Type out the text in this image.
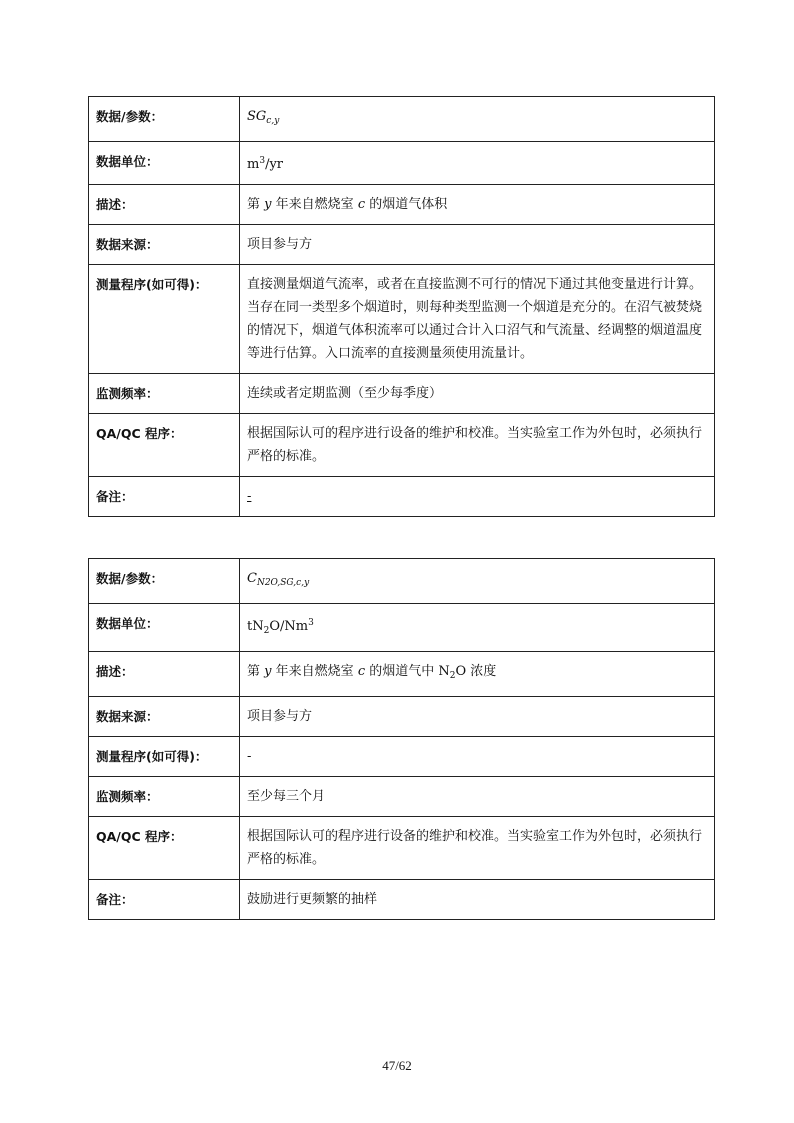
数据/参数：	$SG_{c,y}$
数据单位：	$m^3/yr$
描述：	第 y 年来自燃烧室 c 的烟道气体积
数据来源：	项目参与方
测量程序(如可得)：	直接测量烟道气流率，或者在直接监测不可行的情况下通过其他变量进行计算。当存在同一类型多个烟道时，则每种类型监测一个烟道是充分的。在沼气被焚烧的情况下，烟道气体积流率可以通过合计入口沼气和气流量、经调整的烟道温度等进行估算。入口流率的直接测量须使用流量计。
监测频率：	连续或者定期监测（至少每季度）
QA/QC 程序：	根据国际认可的程序进行设备的维护和校准。当实验室工作为外包时，必须执行严格的标准。
备注：	-
数据/参数：	$C_{N2O,SG,c,y}$
数据单位：	$tN_2O/Nm^3$
描述：	第 y 年来自燃烧室 c 的烟道气中 $N_2O$ 浓度
数据来源：	项目参与方
测量程序(如可得)：	-
监测频率：	至少每三个月
QA/QC 程序：	根据国际认可的程序进行设备的维护和校准。当实验室工作为外包时，必须执行严格的标准。
备注：	鼓励进行更频繁的抽样
47/62
